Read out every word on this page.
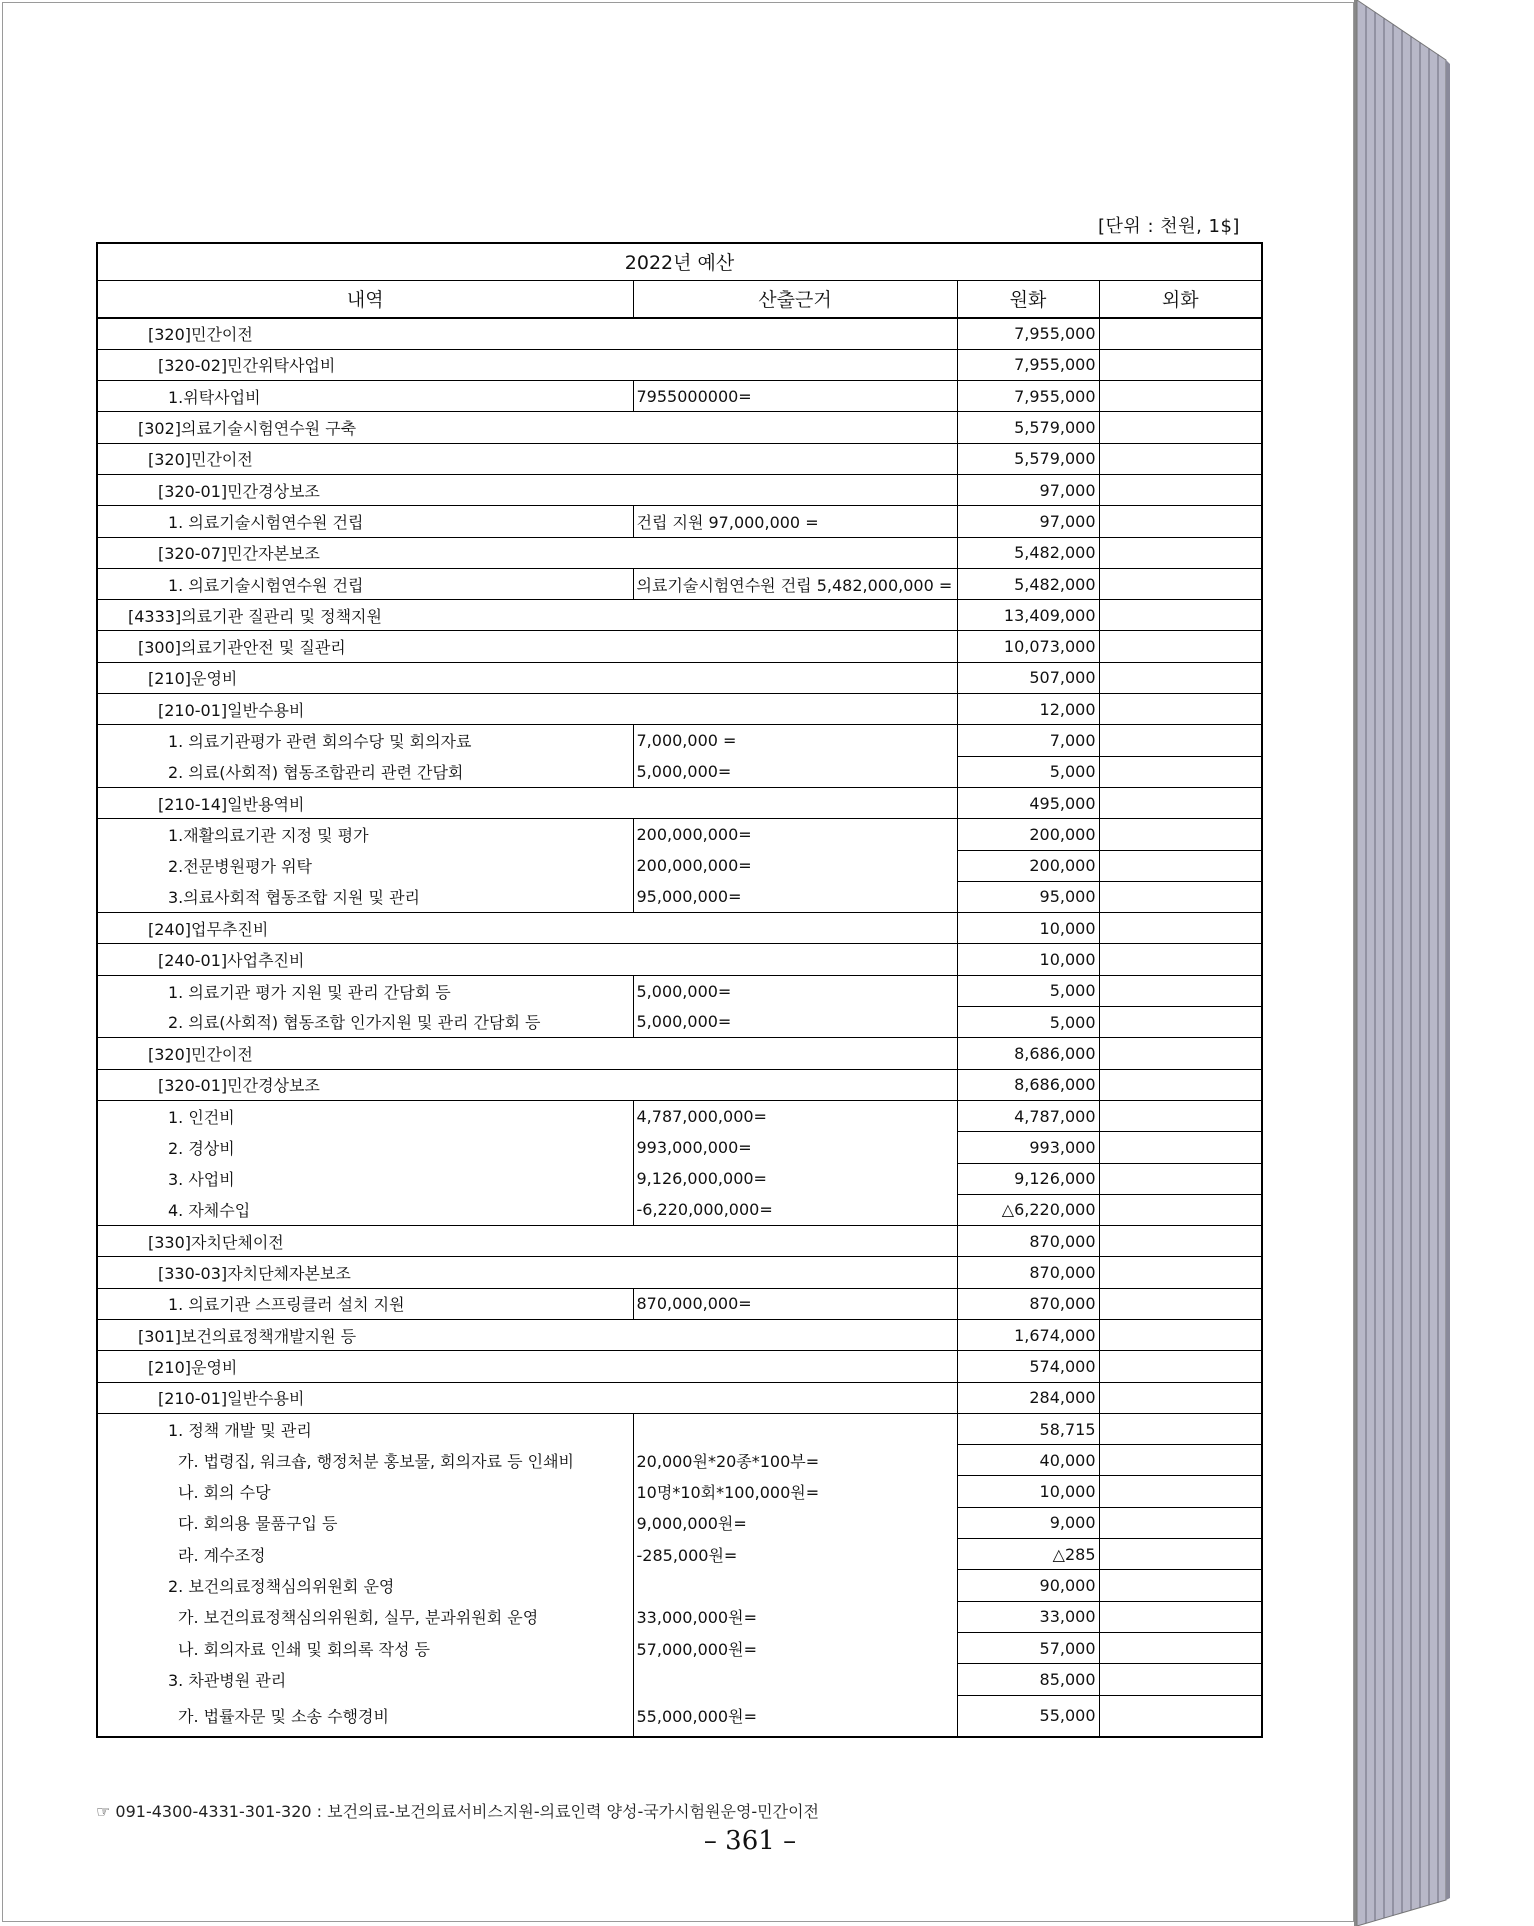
[단위 : 천원, 1$]
2022년 예산			
내역	산출근거	원화	외화
[320]민간이전		7,955,000	
[320-02]민간위탁사업비		7,955,000	
1.위탁사업비	7955000000=	7,955,000	
[302]의료기술시험연수원 구축		5,579,000	
[320]민간이전		5,579,000	
[320-01]민간경상보조		97,000	
1. 의료기술시험연수원 건립	건립 지원 97,000,000 =	97,000	
[320-07]민간자본보조		5,482,000	
1. 의료기술시험연수원 건립	의료기술시험연수원 건립 5,482,000,000 =	5,482,000	
[4333]의료기관 질관리 및 정책지원		13,409,000	
[300]의료기관안전 및 질관리		10,073,000	
[210]운영비		507,000	
[210-01]일반수용비		12,000	
1. 의료기관평가 관련 회의수당 및 회의자료	7,000,000 =	7,000	
2. 의료(사회적) 협동조합관리 관련 간담회	5,000,000=	5,000	
[210-14]일반용역비		495,000	
1.재활의료기관 지정 및 평가	200,000,000=	200,000	
2.전문병원평가 위탁	200,000,000=	200,000	
3.의료사회적 협동조합 지원 및 관리	95,000,000=	95,000	
[240]업무추진비		10,000	
[240-01]사업추진비		10,000	
1. 의료기관 평가 지원 및 관리 간담회 등	5,000,000=	5,000	
2. 의료(사회적) 협동조합 인가지원 및 관리 간담회 등	5,000,000=	5,000	
[320]민간이전		8,686,000	
[320-01]민간경상보조		8,686,000	
1. 인건비	4,787,000,000=	4,787,000	
2. 경상비	993,000,000=	993,000	
3. 사업비	9,126,000,000=	9,126,000	
4. 자체수입	-6,220,000,000=	△6,220,000	
[330]자치단체이전		870,000	
[330-03]자치단체자본보조		870,000	
1. 의료기관 스프링클러 설치 지원	870,000,000=	870,000	
[301]보건의료정책개발지원 등		1,674,000	
[210]운영비		574,000	
[210-01]일반수용비		284,000	
1. 정책 개발 및 관리		58,715	
가. 법령집, 워크숍, 행정처분 홍보물, 회의자료 등 인쇄비	20,000원*20종*100부=	40,000	
나. 회의 수당	10명*10회*100,000원=	10,000	
다. 회의용 물품구입 등	9,000,000원=	9,000	
라. 계수조정	-285,000원=	△285	
2. 보건의료정책심의위원회 운영		90,000	
가. 보건의료정책심의위원회, 실무, 분과위원회 운영	33,000,000원=	33,000	
나. 회의자료 인쇄 및 회의록 작성 등	57,000,000원=	57,000	
3. 차관병원 관리		85,000	
가. 법률자문 및 소송 수행경비	55,000,000원=	55,000	
☞ 091-4300-4331-301-320 : 보건의료-보건의료서비스지원-의료인력 양성-국가시험원운영-민간이전
– 361 –
